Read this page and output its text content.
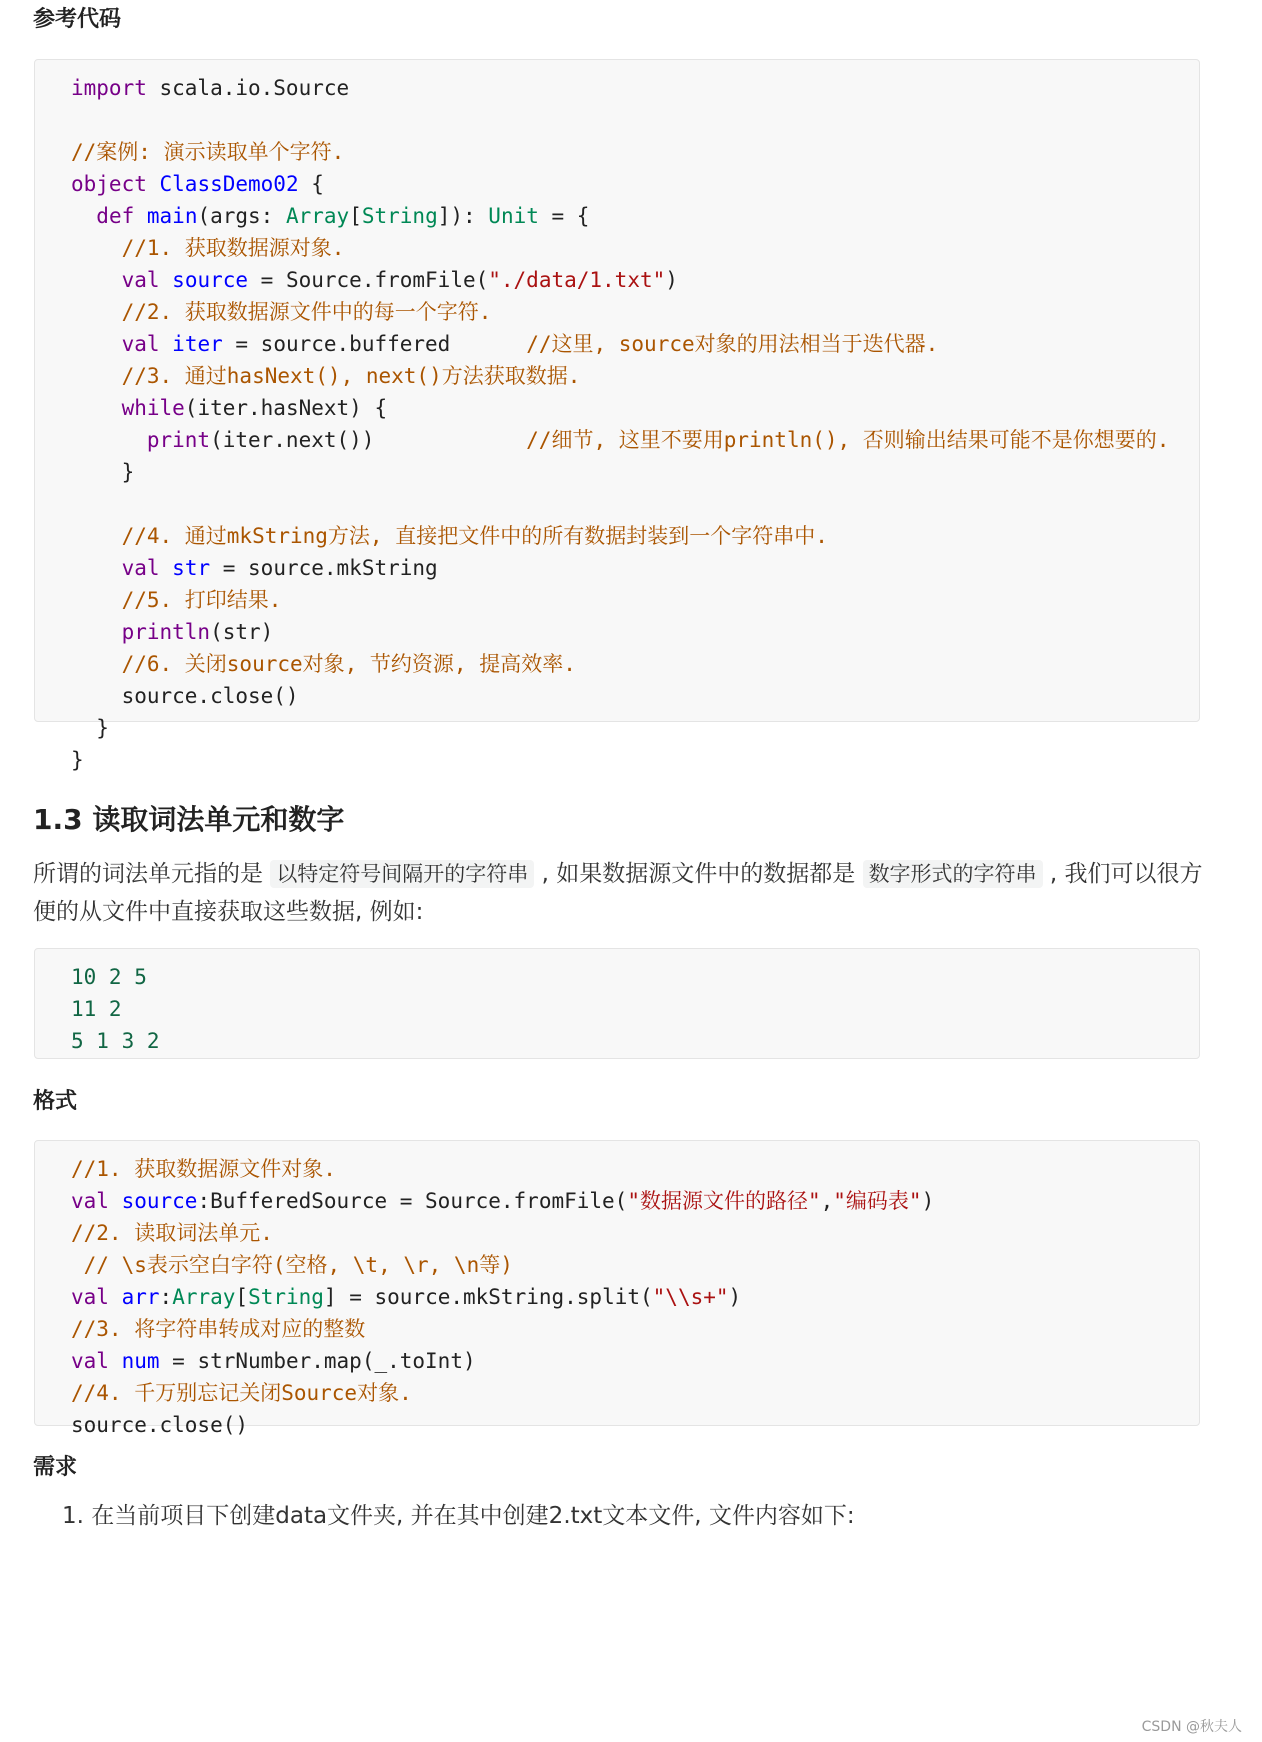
参考代码
import scala.io.Source
//案例: 演示读取单个字符.
object ClassDemo02 {
def main(args: Array[String]): Unit = {
//1. 获取数据源对象.
val source = Source.fromFile("./data/1.txt")
//2. 获取数据源文件中的每一个字符.
val iter = source.buffered      //这里, source对象的用法相当于迭代器.
//3. 通过hasNext(), next()方法获取数据.
while(iter.hasNext) {
print(iter.next())            //细节, 这里不要用println(), 否则输出结果可能不是你想要的.
}
//4. 通过mkString方法, 直接把文件中的所有数据封装到一个字符串中.
val str = source.mkString
//5. 打印结果.
println(str)
//6. 关闭source对象, 节约资源, 提高效率.
source.close()
}
}
1.3 读取词法单元和数字

所谓的词法单元指的是 以特定符号间隔开的字符串 , 如果数据源文件中的数据都是 数字形式的字符串 , 我们可以很方便的从文件中直接获取这些数据, 例如:

10 2 5
11 2
5 1 3 2
格式
//1. 获取数据源文件对象.
val source:BufferedSource = Source.fromFile("数据源文件的路径","编码表")
//2. 读取词法单元.
// \s表示空白字符(空格, \t, \r, \n等)
val arr:Array[String] = source.mkString.split("\\s+")
//3. 将字符串转成对应的整数
val num = strNumber.map(_.toInt)
//4. 千万别忘记关闭Source对象.
source.close()
需求

1. 在当前项目下创建data文件夹, 并在其中创建2.txt文本文件, 文件内容如下:

CSDN @秋夫人
